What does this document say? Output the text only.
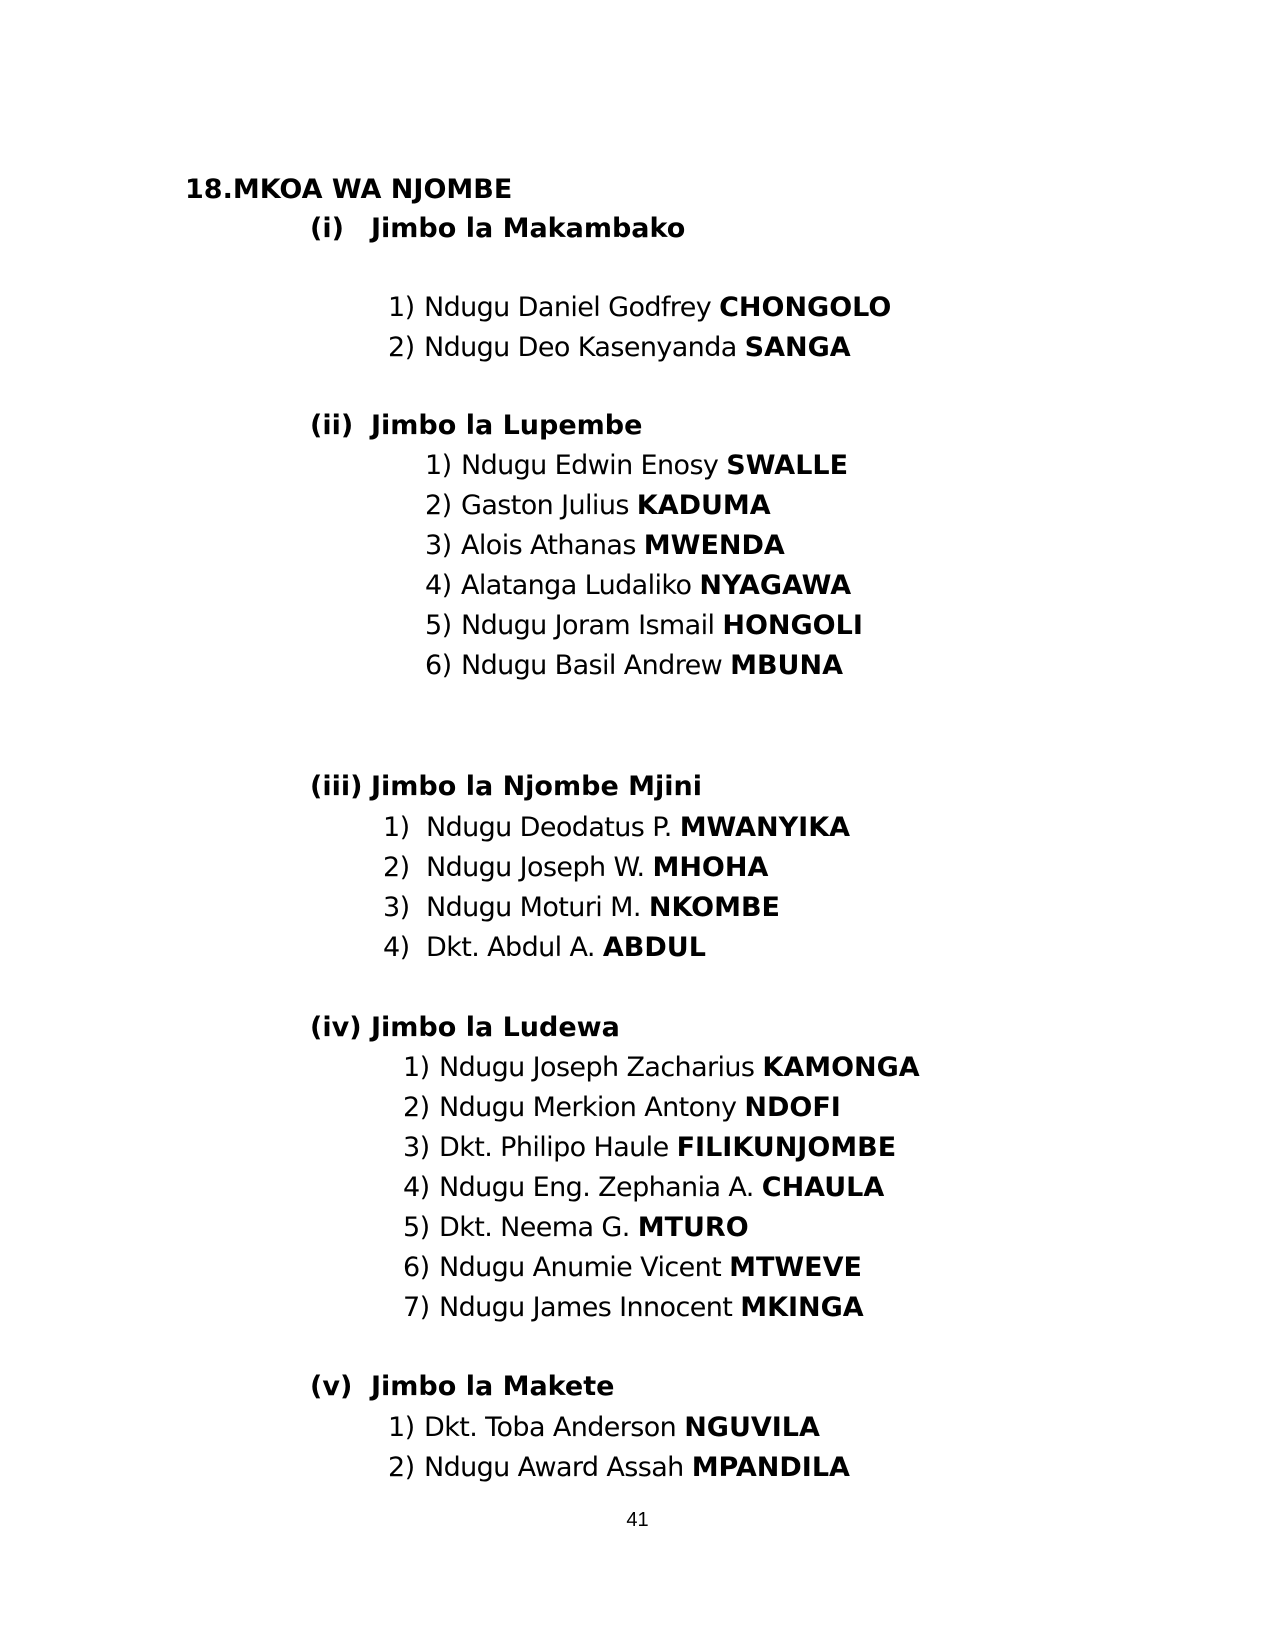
18.MKOA WA NJOMBE
(i) Jimbo la Makambako
1) Ndugu Daniel Godfrey CHONGOLO
2) Ndugu Deo Kasenyanda SANGA
(ii) Jimbo la Lupembe
1) Ndugu Edwin Enosy SWALLE
2) Gaston Julius KADUMA
3) Alois Athanas MWENDA
4) Alatanga Ludaliko NYAGAWA
5) Ndugu Joram Ismail HONGOLI
6) Ndugu Basil Andrew MBUNA
(iii) Jimbo la Njombe Mjini
1) Ndugu Deodatus P. MWANYIKA
2) Ndugu Joseph W. MHOHA
3) Ndugu Moturi M. NKOMBE
4) Dkt. Abdul A. ABDUL
(iv) Jimbo la Ludewa
1) Ndugu Joseph Zacharius KAMONGA
2) Ndugu Merkion Antony NDOFI
3) Dkt. Philipo Haule FILIKUNJOMBE
4) Ndugu Eng. Zephania A. CHAULA
5) Dkt. Neema G. MTURO
6) Ndugu Anumie Vicent MTWEVE
7) Ndugu James Innocent MKINGA
(v) Jimbo la Makete
1) Dkt. Toba Anderson NGUVILA
2) Ndugu Award Assah MPANDILA
41
